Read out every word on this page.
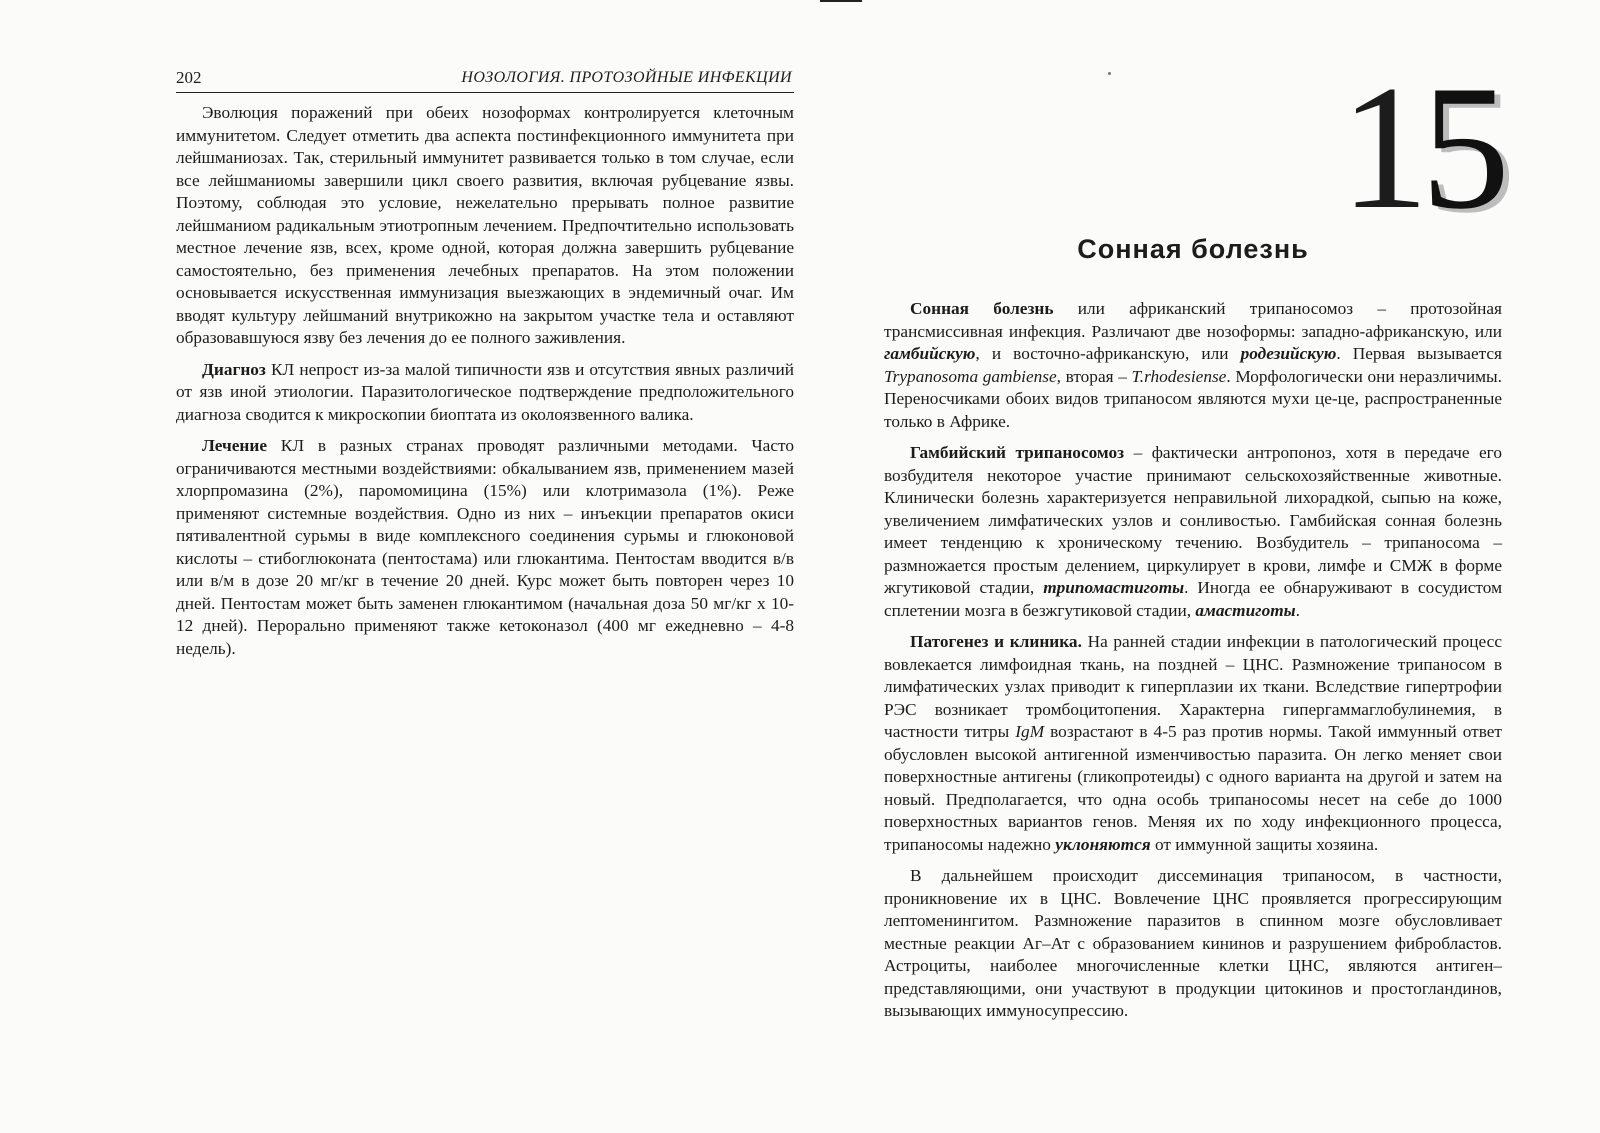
202	НОЗОЛОГИЯ. ПРОТОЗОЙНЫЕ ИНФЕКЦИИ

Эволюция поражений при обеих нозоформах контролируется клеточным иммунитетом. Следует отметить два аспекта постинфекционного иммунитета при лейшманиозах. Так, стерильный иммунитет развивается только в том случае, если все лейшманиомы завершили цикл своего развития, включая рубцевание язвы. Поэтому, соблюдая это условие, нежелательно прерывать полное развитие лейшманиом радикальным этиотропным лечением. Предпочтительно использовать местное лечение язв, всех, кроме одной, которая должна завершить рубцевание самостоятельно, без применения лечебных препаратов. На этом положении основывается искусственная иммунизация выезжающих в эндемичный очаг. Им вводят культуру лейшманий внутрикожно на закрытом участке тела и оставляют образовавшуюся язву без лечения до ее полного заживления.

Диагноз КЛ непрост из-за малой типичности язв и отсутствия явных различий от язв иной этиологии. Паразитологическое подтверждение предположительного диагноза сводится к микроскопии биоптата из околоязвенного валика.

Лечение КЛ в разных странах проводят различными методами. Часто ограничиваются местными воздействиями: обкалыванием язв, применением мазей хлорпромазина (2%), паромомицина (15%) или клотримазола (1%). Реже применяют системные воздействия. Одно из них – инъекции препаратов окиси пятивалентной сурьмы в виде комплексного соединения сурьмы и глюконовой кислоты – стибоглюконата (пентостама) или глюкантима. Пентостам вводится в/в или в/м в дозе 20 мг/кг в течение 20 дней. Курс может быть повторен через 10 дней. Пентостам может быть заменен глюкантимом (начальная доза 50 мг/кг х 10-12 дней). Перорально применяют также кетоконазол (400 мг ежедневно – 4-8 недель).

15
Сонная болезнь

Сонная болезнь или африканский трипаносомоз – протозойная трансмиссивная инфекция. Различают две нозоформы: западно-африканскую, или гамбийскую, и восточно-африканскую, или родезийскую. Первая вызывается Trypanosoma gambiense, вторая – T.rhodesiense. Морфологически они неразличимы. Переносчиками обоих видов трипаносом являются мухи це-це, распространенные только в Африке.

Гамбийский трипаносомоз – фактически антропоноз, хотя в передаче его возбудителя некоторое участие принимают сельскохозяйственные животные. Клинически болезнь характеризуется неправильной лихорадкой, сыпью на коже, увеличением лимфатических узлов и сонливостью. Гамбийская сонная болезнь имеет тенденцию к хроническому течению. Возбудитель – трипаносома – размножается простым делением, циркулирует в крови, лимфе и СМЖ в форме жгутиковой стадии, трипомастиготы. Иногда ее обнаруживают в сосудистом сплетении мозга в безжгутиковой стадии, амастиготы.

Патогенез и клиника. На ранней стадии инфекции в патологический процесс вовлекается лимфоидная ткань, на поздней – ЦНС. Размножение трипаносом в лимфатических узлах приводит к гиперплазии их ткани. Вследствие гипертрофии РЭС возникает тромбоцитопения. Характерна гипергаммаглобулинемия, в частности титры IgM возрастают в 4-5 раз против нормы. Такой иммунный ответ обусловлен высокой антигенной изменчивостью паразита. Он легко меняет свои поверхностные антигены (гликопротеиды) с одного варианта на другой и затем на новый. Предполагается, что одна особь трипаносомы несет на себе до 1000 поверхностных вариантов генов. Меняя их по ходу инфекционного процесса, трипаносомы надежно уклоняются от иммунной защиты хозяина.

В дальнейшем происходит диссеминация трипаносом, в частности, проникновение их в ЦНС. Вовлечение ЦНС проявляется прогрессирующим лептоменингитом. Размножение паразитов в спинном мозге обусловливает местные реакции Аг–Ат с образованием кининов и разрушением фибробластов. Астроциты, наиболее многочисленные клетки ЦНС, являются антиген–представляющими, они участвуют в продукции цитокинов и простогландинов, вызывающих иммуносупрессию.
